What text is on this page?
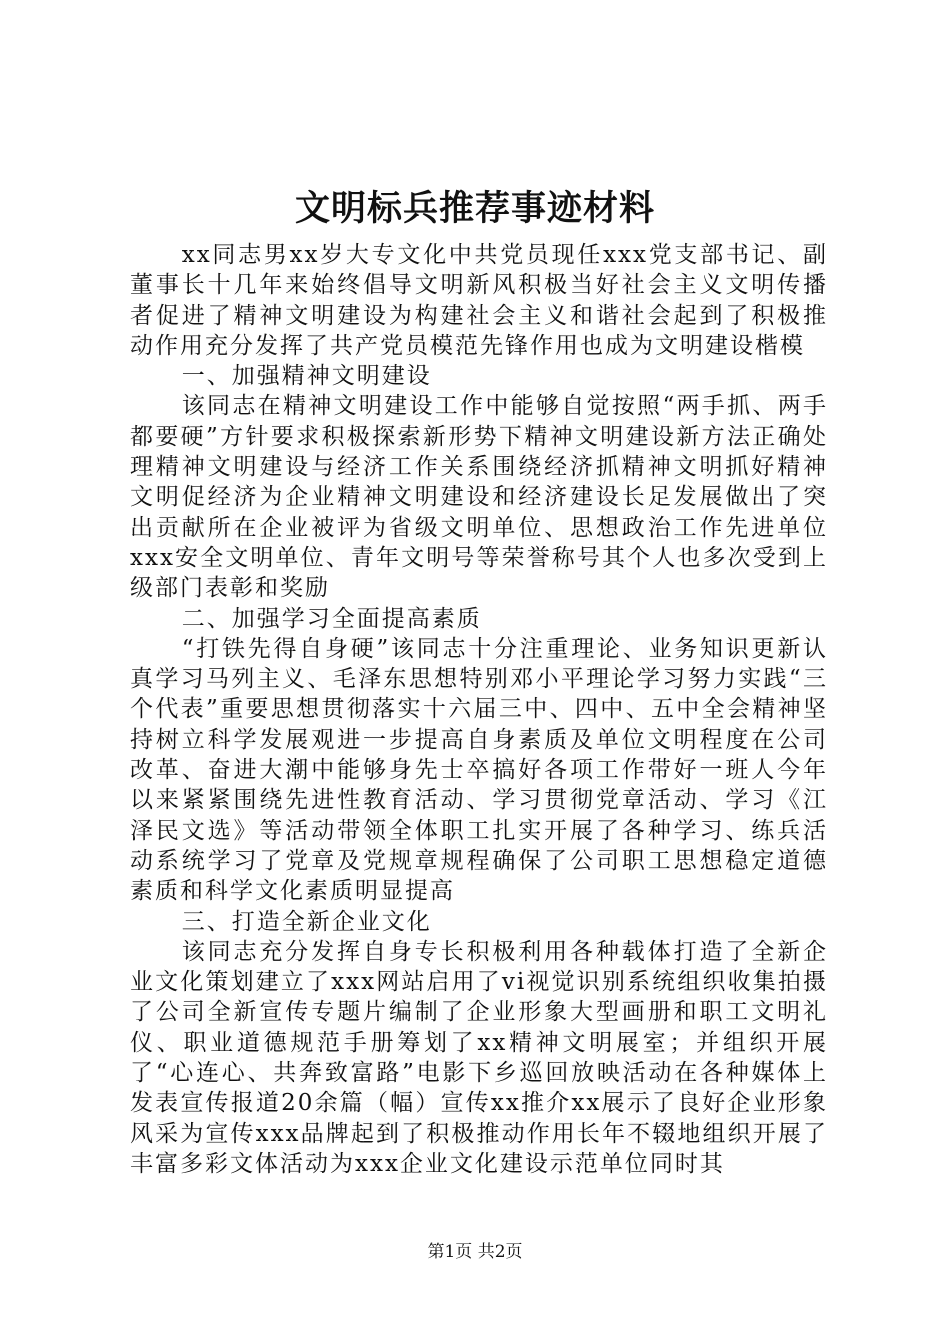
文明标兵推荐事迹材料

xx同志男xx岁大专文化中共党员现任xxx党支部书记、副董事长十几年来始终倡导文明新风积极当好社会主义文明传播者促进了精神文明建设为构建社会主义和谐社会起到了积极推动作用充分发挥了共产党员模范先锋作用也成为文明建设楷模

一、加强精神文明建设

该同志在精神文明建设工作中能够自觉按照“两手抓、两手都要硬”方针要求积极探索新形势下精神文明建设新方法正确处理精神文明建设与经济工作关系围绕经济抓精神文明抓好精神文明促经济为企业精神文明建设和经济建设长足发展做出了突出贡献所在企业被评为省级文明单位、思想政治工作先进单位xxx安全文明单位、青年文明号等荣誉称号其个人也多次受到上级部门表彰和奖励

二、加强学习全面提高素质

“打铁先得自身硬”该同志十分注重理论、业务知识更新认真学习马列主义、毛泽东思想特别邓小平理论学习努力实践“三个代表”重要思想贯彻落实十六届三中、四中、五中全会精神坚持树立科学发展观进一步提高自身素质及单位文明程度在公司改革、奋进大潮中能够身先士卒搞好各项工作带好一班人今年以来紧紧围绕先进性教育活动、学习贯彻党章活动、学习《江泽民文选》等活动带领全体职工扎实开展了各种学习、练兵活动系统学习了党章及党规章规程确保了公司职工思想稳定道德素质和科学文化素质明显提高

三、打造全新企业文化

该同志充分发挥自身专长积极利用各种载体打造了全新企业文化策划建立了xxx网站启用了vi视觉识别系统组织收集拍摄了公司全新宣传专题片编制了企业形象大型画册和职工文明礼仪、职业道德规范手册筹划了xx精神文明展室；并组织开展了“心连心、共奔致富路”电影下乡巡回放映活动在各种媒体上发表宣传报道20余篇（幅）宣传xx推介xx展示了良好企业形象风采为宣传xxx品牌起到了积极推动作用长年不辍地组织开展了丰富多彩文体活动为xxx企业文化建设示范单位同时其

第1页 共2页
